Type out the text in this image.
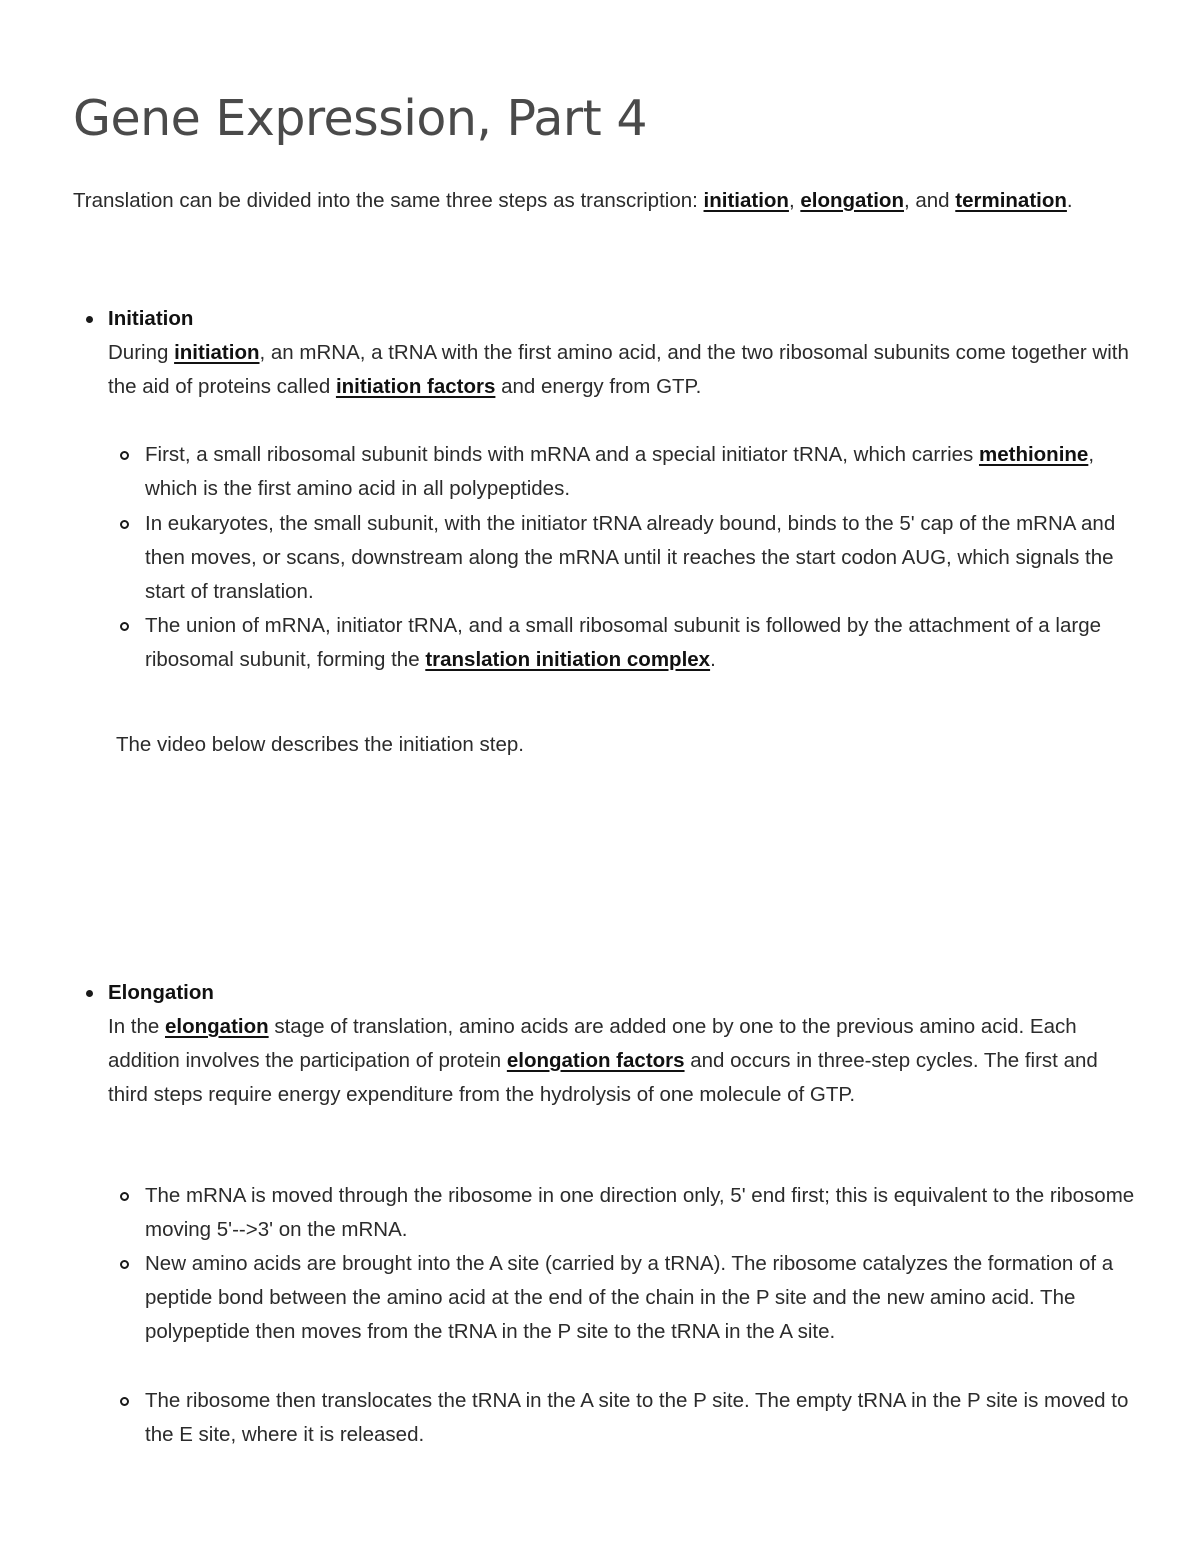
Gene Expression, Part 4

Translation can be divided into the same three steps as transcription: initiation, elongation, and termination.

Initiation

During initiation, an mRNA, a tRNA with the first amino acid, and the two ribosomal subunits come together with the aid of proteins called initiation factors and energy from GTP.

First, a small ribosomal subunit binds with mRNA and a special initiator tRNA, which carries methionine, which is the first amino acid in all polypeptides.

In eukaryotes, the small subunit, with the initiator tRNA already bound, binds to the 5' cap of the mRNA and then moves, or scans, downstream along the mRNA until it reaches the start codon AUG, which signals the start of translation.

The union of mRNA, initiator tRNA, and a small ribosomal subunit is followed by the attachment of a large ribosomal subunit, forming the translation initiation complex.

The video below describes the initiation step.

Elongation

In the elongation stage of translation, amino acids are added one by one to the previous amino acid. Each addition involves the participation of protein elongation factors and occurs in three-step cycles. The first and third steps require energy expenditure from the hydrolysis of one molecule of GTP.

The mRNA is moved through the ribosome in one direction only, 5' end first; this is equivalent to the ribosome moving 5'-->3' on the mRNA.

New amino acids are brought into the A site (carried by a tRNA). The ribosome catalyzes the formation of a peptide bond between the amino acid at the end of the chain in the P site and the new amino acid. The polypeptide then moves from the tRNA in the P site to the tRNA in the A site.

The ribosome then translocates the tRNA in the A site to the P site. The empty tRNA in the P site is moved to the E site, where it is released.
